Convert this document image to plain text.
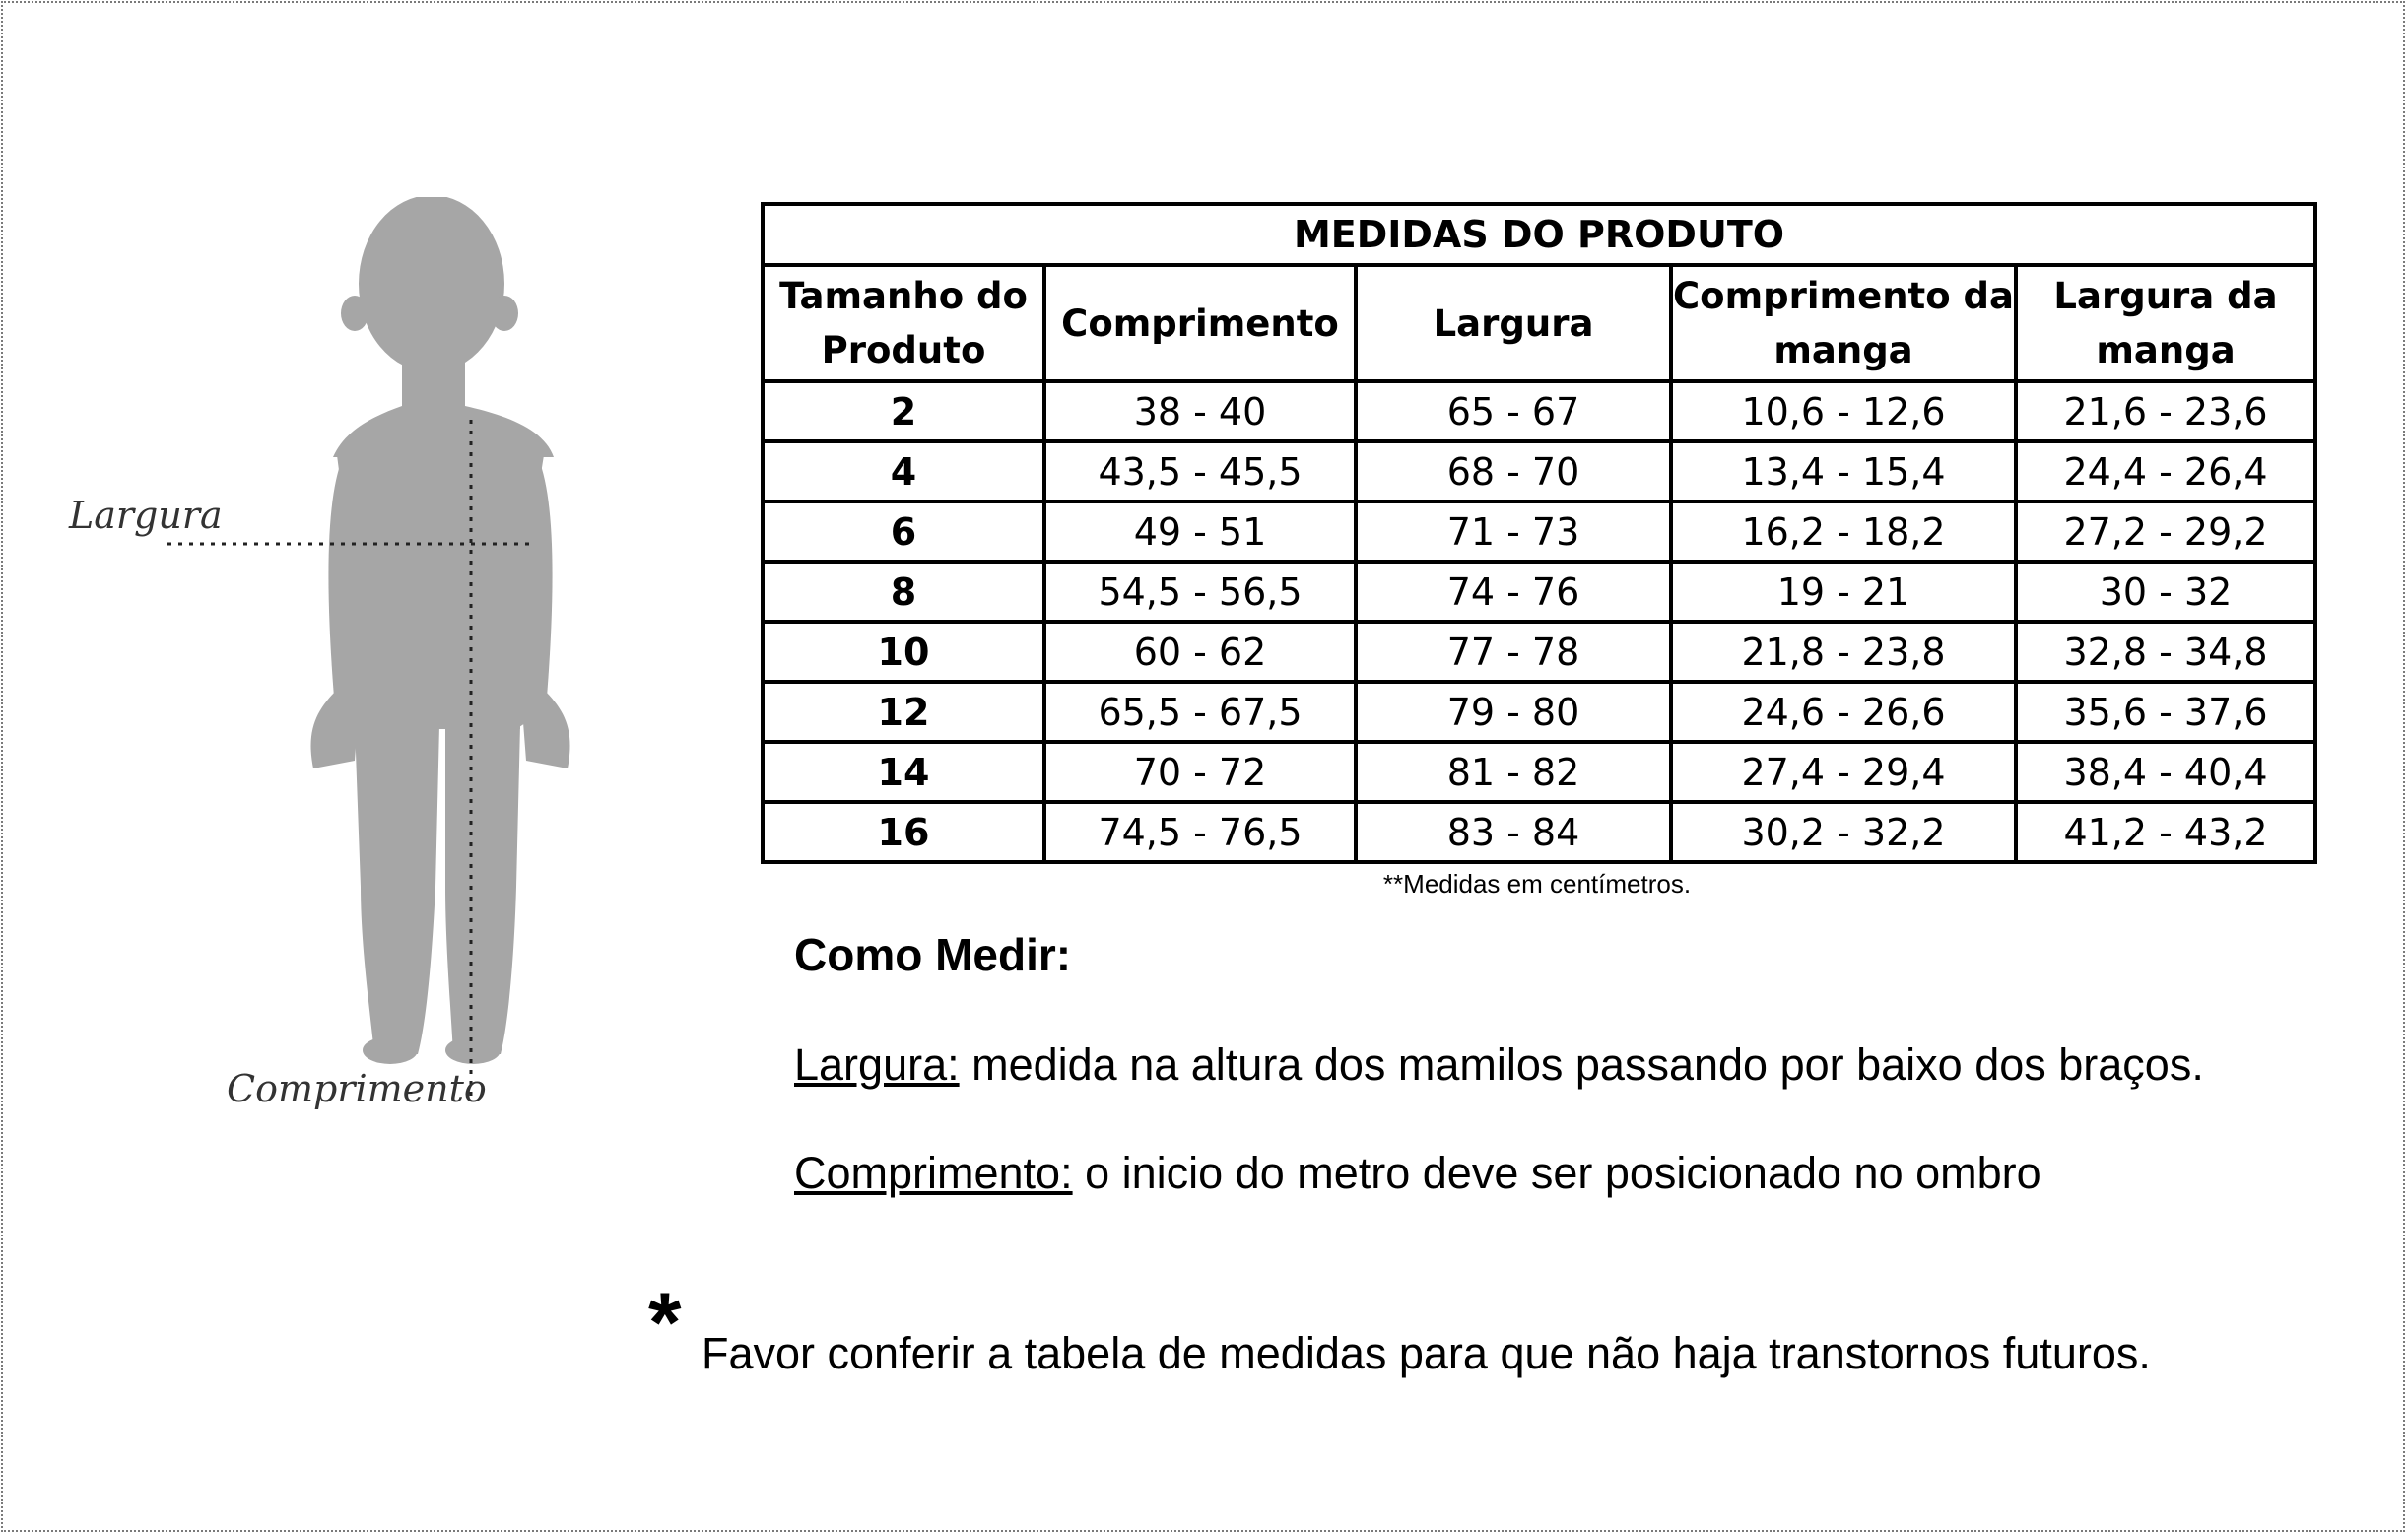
Largura
Comprimento
MEDIDAS DO PRODUTO				
Tamanho do Produto	Comprimento	Largura	Comprimento da manga	Largura da manga
2	38 - 40	65 - 67	10,6 - 12,6	21,6 - 23,6
4	43,5 - 45,5	68 - 70	13,4 - 15,4	24,4 - 26,4
6	49 - 51	71 - 73	16,2 - 18,2	27,2 - 29,2
8	54,5 - 56,5	74 - 76	19 - 21	30 - 32
10	60 - 62	77 - 78	21,8 - 23,8	32,8 - 34,8
12	65,5 - 67,5	79 - 80	24,6 - 26,6	35,6 - 37,6
14	70 - 72	81 - 82	27,4 - 29,4	38,4 - 40,4
16	74,5 - 76,5	83 - 84	30,2 - 32,2	41,2 - 43,2
**Medidas em centímetros.
Como Medir:
Largura: medida na altura dos mamilos passando por baixo dos braços.
Comprimento: o inicio do metro deve ser posicionado no ombro
* Favor conferir a tabela de medidas para que não haja transtornos futuros.
